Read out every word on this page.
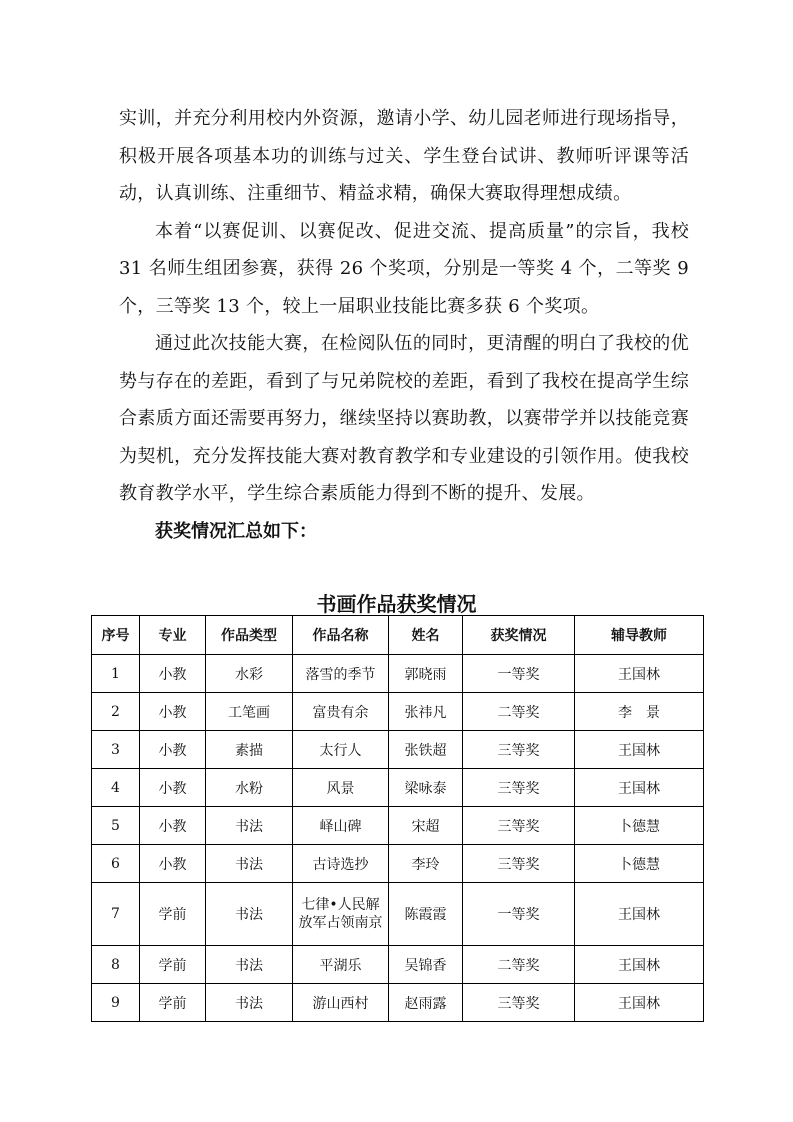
实训，并充分利用校内外资源，邀请小学、幼儿园老师进行现场指导，积极开展各项基本功的训练与过关、学生登台试讲、教师听评课等活动，认真训练、注重细节、精益求精，确保大赛取得理想成绩。

本着“以赛促训、以赛促改、促进交流、提高质量”的宗旨，我校 31 名师生组团参赛，获得 26 个奖项，分别是一等奖 4 个，二等奖 9 个，三等奖 13 个，较上一届职业技能比赛多获 6 个奖项。

通过此次技能大赛，在检阅队伍的同时，更清醒的明白了我校的优势与存在的差距，看到了与兄弟院校的差距，看到了我校在提高学生综合素质方面还需要再努力，继续坚持以赛助教，以赛带学并以技能竞赛为契机，充分发挥技能大赛对教育教学和专业建设的引领作用。使我校教育教学水平，学生综合素质能力得到不断的提升、发展。

获奖情况汇总如下：

书画作品获奖情况
序号	专业	作品类型	作品名称	姓名	获奖情况	辅导教师
1	小教	水彩	落雪的季节	郭晓雨	一等奖	王国林
2	小教	工笔画	富贵有余	张祎凡	二等奖	李　景
3	小教	素描	太行人	张铁超	三等奖	王国林
4	小教	水粉	风景	梁咏泰	三等奖	王国林
5	小教	书法	峄山碑	宋超	三等奖	卜德慧
6	小教	书法	古诗选抄	李玲	三等奖	卜德慧
7	学前	书法	七律•人民解放军占领南京	陈霞霞	一等奖	王国林
8	学前	书法	平湖乐	吴锦香	二等奖	王国林
9	学前	书法	游山西村	赵雨露	三等奖	王国林
